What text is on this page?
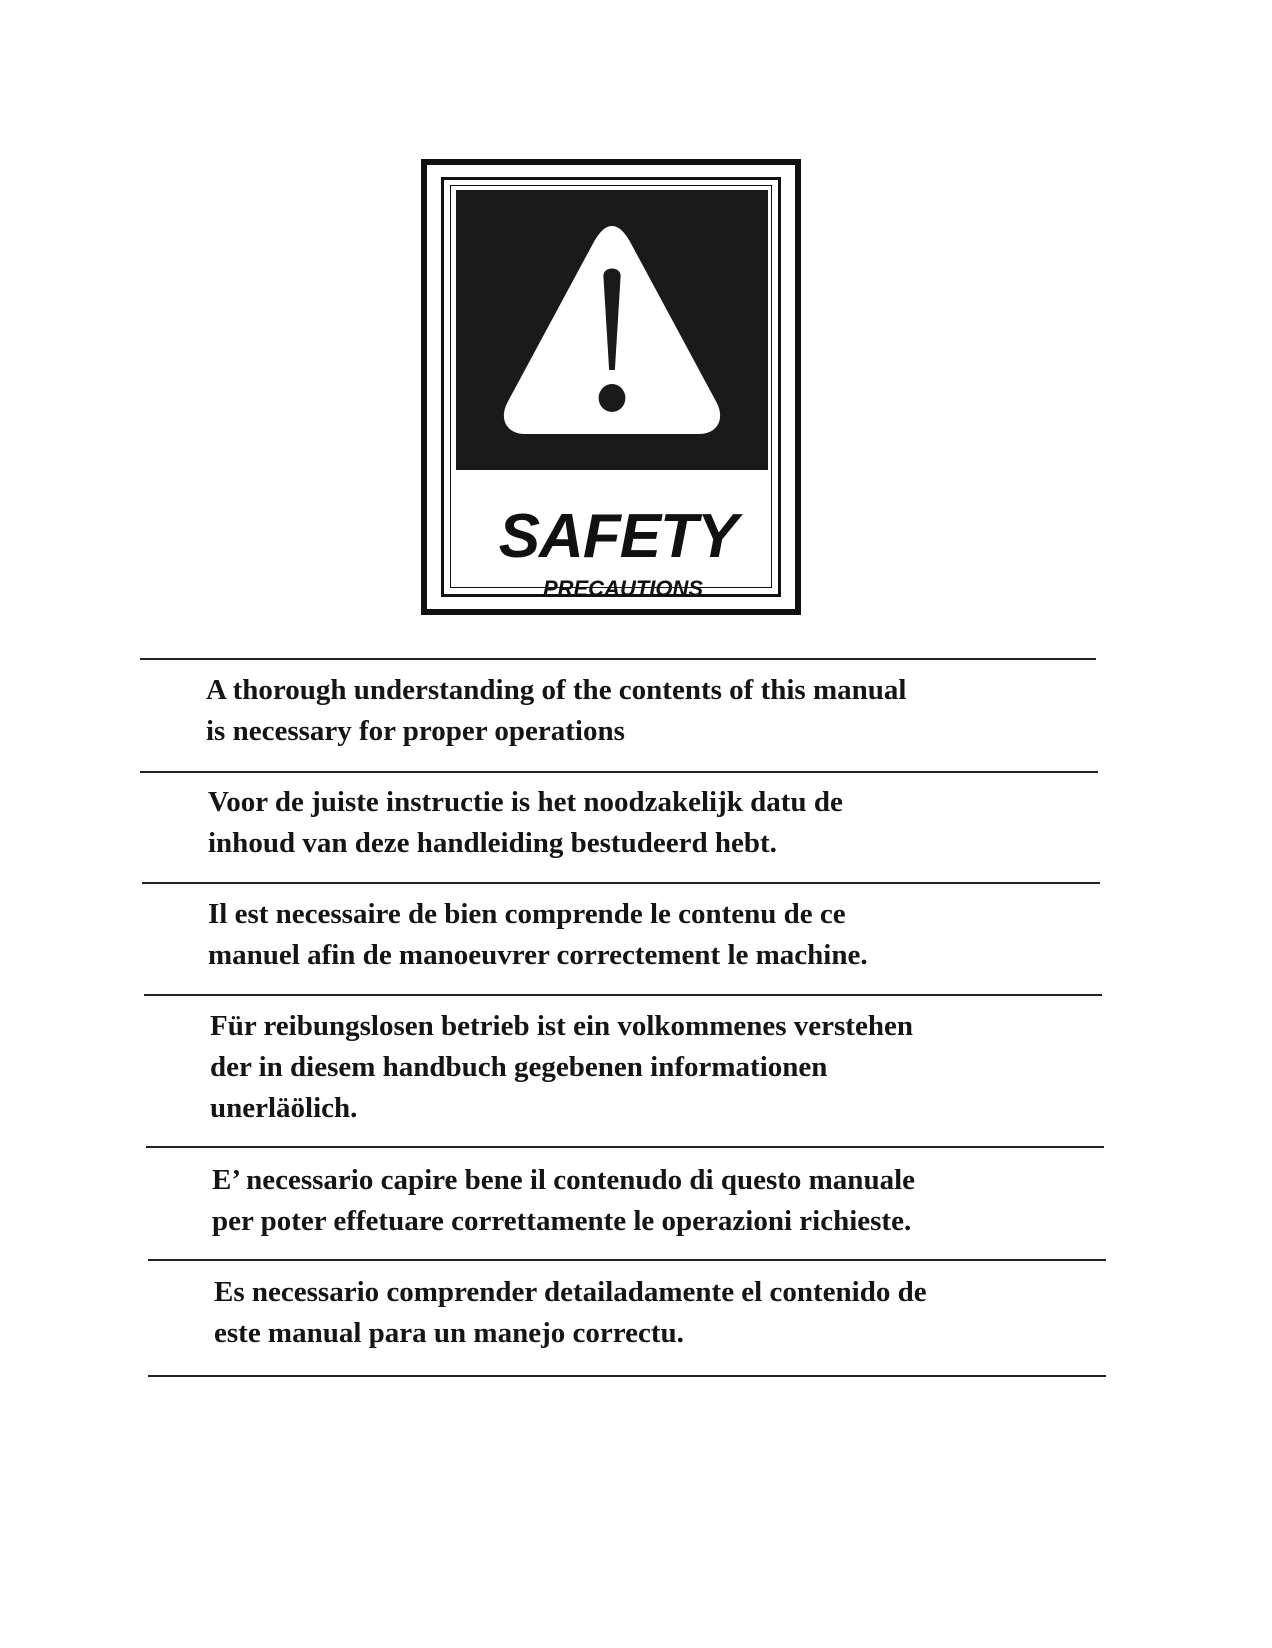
SAFETY
PRECAUTIONS
A thorough understanding of the contents of this manual
is necessary for proper operations
Voor de juiste instructie is het noodzakelijk datu de
inhoud van deze handleiding bestudeerd hebt.
Il est necessaire de bien comprende le contenu de ce
manuel afin de manoeuvrer correctement le machine.
Für reibungslosen betrieb ist ein volkommenes verstehen
der in diesem handbuch gegebenen informationen
unerläölich.
E’ necessario capire bene il contenudo di questo manuale
per poter effetuare correttamente le operazioni richieste.
Es necessario comprender detailadamente el contenido de
este manual para un manejo correctu.
